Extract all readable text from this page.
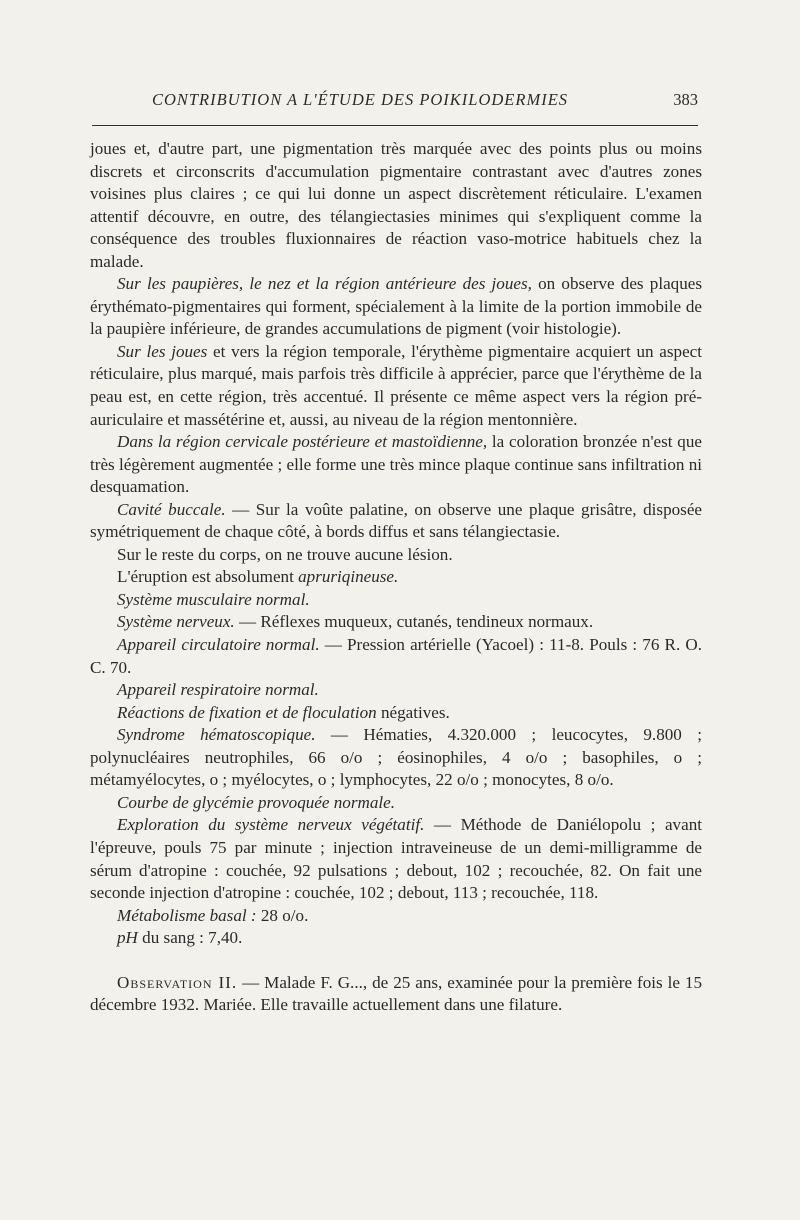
CONTRIBUTION A L'ÉTUDE DES POIKILODERMIES	383

joues et, d'autre part, une pigmentation très marquée avec des points plus ou moins discrets et circonscrits d'accumulation pigmentaire contrastant avec d'autres zones voisines plus claires ; ce qui lui donne un aspect discrètement réticulaire. L'examen attentif découvre, en outre, des télangiectasies minimes qui s'expliquent comme la conséquence des troubles fluxionnaires de réaction vaso-motrice habituels chez la malade.

Sur les paupières, le nez et la région antérieure des joues, on observe des plaques érythémato-pigmentaires qui forment, spécialement à la limite de la portion immobile de la paupière inférieure, de grandes accumulations de pigment (voir histologie).

Sur les joues et vers la région temporale, l'érythème pigmentaire acquiert un aspect réticulaire, plus marqué, mais parfois très difficile à apprécier, parce que l'érythème de la peau est, en cette région, très accentué. Il présente ce même aspect vers la région pré-auriculaire et massétérine et, aussi, au niveau de la région mentonnière.

Dans la région cervicale postérieure et mastoïdienne, la coloration bronzée n'est que très légèrement augmentée ; elle forme une très mince plaque continue sans infiltration ni desquamation.

Cavité buccale. — Sur la voûte palatine, on observe une plaque grisâtre, disposée symétriquement de chaque côté, à bords diffus et sans télangiectasie.

Sur le reste du corps, on ne trouve aucune lésion.

L'éruption est absolument apruriqineuse.

Système musculaire normal.

Système nerveux. — Réflexes muqueux, cutanés, tendineux normaux.

Appareil circulatoire normal. — Pression artérielle (Yacoel) : 11-8. Pouls : 76 R. O. C. 70.

Appareil respiratoire normal.

Réactions de fixation et de floculation négatives.

Syndrome hématoscopique. — Hématies, 4.320.000 ; leucocytes, 9.800 ; polynucléaires neutrophiles, 66 o/o ; éosinophiles, 4 o/o ; basophiles, o ; métamyélocytes, o ; myélocytes, o ; lymphocytes, 22 o/o ; monocytes, 8 o/o.

Courbe de glycémie provoquée normale.

Exploration du système nerveux végétatif. — Méthode de Daniélopolu ; avant l'épreuve, pouls 75 par minute ; injection intraveineuse de un demi-milligramme de sérum d'atropine : couchée, 92 pulsations ; debout, 102 ; recouchée, 82. On fait une seconde injection d'atropine : couchée, 102 ; debout, 113 ; recouchée, 118.

Métabolisme basal : 28 o/o.

pH du sang : 7,40.

Observation II. — Malade F. G..., de 25 ans, examinée pour la première fois le 15 décembre 1932. Mariée. Elle travaille actuellement dans une filature.
